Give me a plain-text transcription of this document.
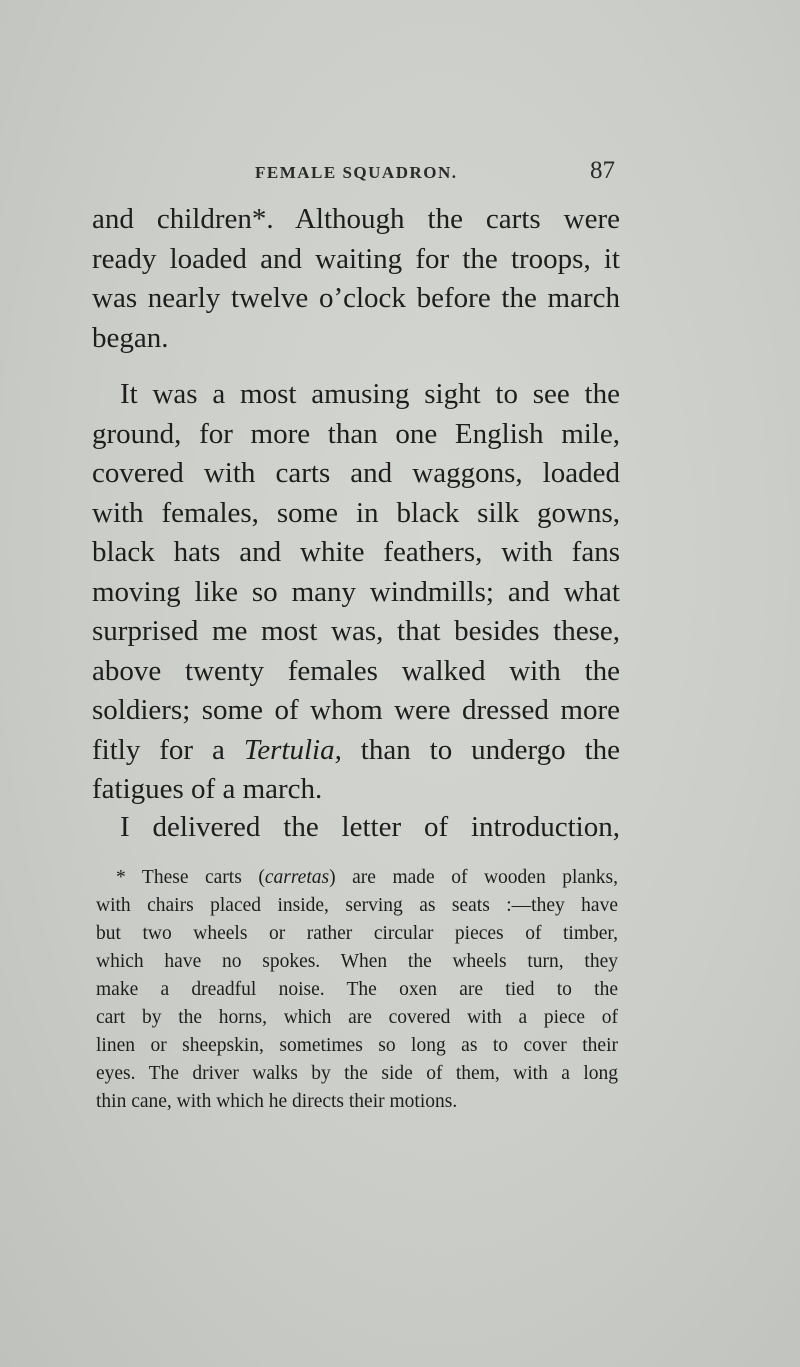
FEMALE SQUADRON.	87
and children*. Although the carts were
ready loaded and waiting for the troops, it
was nearly twelve o’clock before the march
began.
It was a most amusing sight to see the
ground, for more than one English mile,
covered with carts and waggons, loaded
with females, some in black silk gowns,
black hats and white feathers, with fans
moving like so many windmills; and what
surprised me most was, that besides these,
above twenty females walked with the
soldiers; some of whom were dressed more
fitly for a Tertulia, than to undergo the
fatigues of a march.
I delivered the letter of introduction,
* These carts (carretas) are made of wooden planks,
with chairs placed inside, serving as seats :—they have
but two wheels or rather circular pieces of timber,
which have no spokes. When the wheels turn, they
make a dreadful noise. The oxen are tied to the
cart by the horns, which are covered with a piece of
linen or sheepskin, sometimes so long as to cover their
eyes. The driver walks by the side of them, with a long
thin cane, with which he directs their motions.
